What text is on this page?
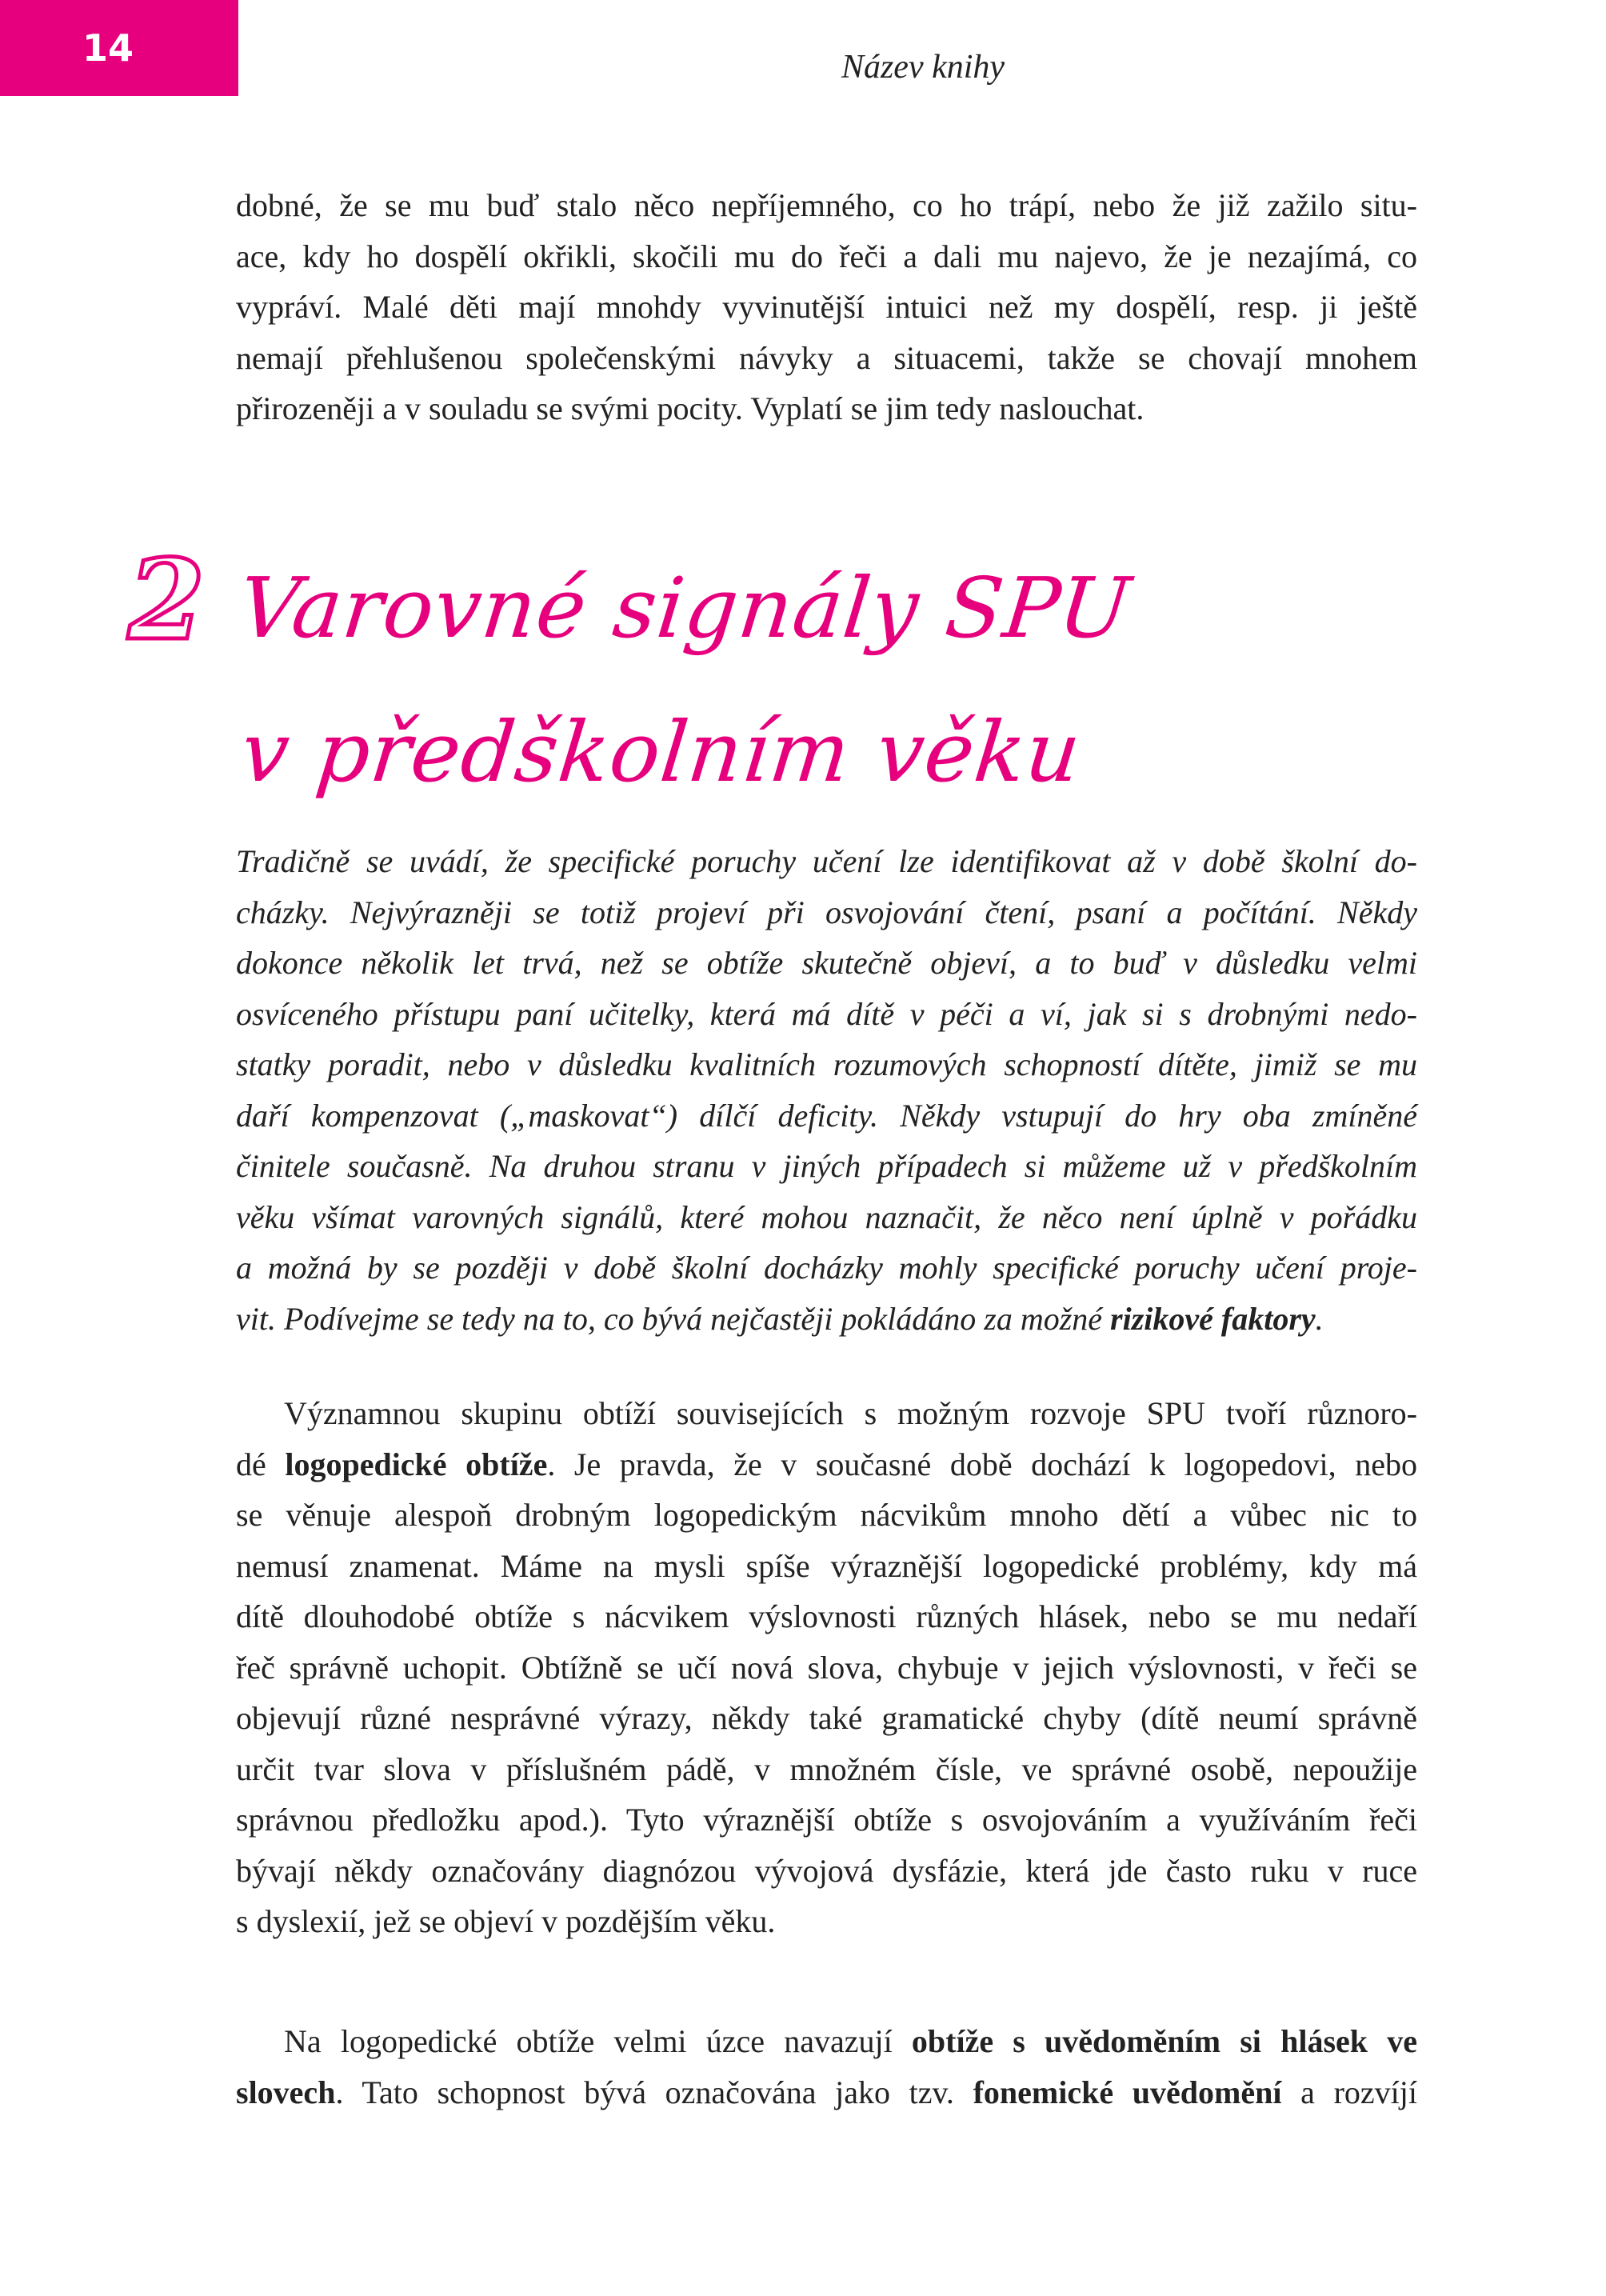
14	Název knihy

dobné, že se mu buď stalo něco nepříjemného, co ho trápí, nebo že již zažilo situ-
ace, kdy ho dospělí okřikli, skočili mu do řeči a dali mu najevo, že je nezajímá, co
vypráví. Malé děti mají mnohdy vyvinutější intuici než my dospělí, resp. ji ještě
nemají přehlušenou společenskými návyky a situacemi, takže se chovají mnohem
přirozeněji a v souladu se svými pocity. Vyplatí se jim tedy naslouchat.

2 Varovné signály SPU
v předškolním věku

Tradičně se uvádí, že specifické poruchy učení lze identifikovat až v době školní do-
cházky. Nejvýrazněji se totiž projeví při osvojování čtení, psaní a počítání. Někdy
dokonce několik let trvá, než se obtíže skutečně objeví, a to buď v důsledku velmi
osvíceného přístupu paní učitelky, která má dítě v péči a ví, jak si s drobnými nedo-
statky poradit, nebo v důsledku kvalitních rozumových schopností dítěte, jimiž se mu
daří kompenzovat („maskovat“) dílčí deficity. Někdy vstupují do hry oba zmíněné
činitele současně. Na druhou stranu v jiných případech si můžeme už v předškolním
věku všímat varovných signálů, které mohou naznačit, že něco není úplně v pořádku
a možná by se později v době školní docházky mohly specifické poruchy učení proje-
vit. Podívejme se tedy na to, co bývá nejčastěji pokládáno za možné rizikové faktory.

Významnou skupinu obtíží souvisejících s možným rozvoje SPU tvoří různoro-
dé logopedické obtíže. Je pravda, že v současné době dochází k logopedovi, nebo
se věnuje alespoň drobným logopedickým nácvikům mnoho dětí a vůbec nic to
nemusí znamenat. Máme na mysli spíše výraznější logopedické problémy, kdy má
dítě dlouhodobé obtíže s nácvikem výslovnosti různých hlásek, nebo se mu nedaří
řeč správně uchopit. Obtížně se učí nová slova, chybuje v jejich výslovnosti, v řeči se
objevují různé nesprávné výrazy, někdy také gramatické chyby (dítě neumí správně
určit tvar slova v příslušném pádě, v množném čísle, ve správné osobě, nepoužije
správnou předložku apod.). Tyto výraznější obtíže s osvojováním a využíváním řeči
bývají někdy označovány diagnózou vývojová dysfázie, která jde často ruku v ruce
s dyslexií, jež se objeví v pozdějším věku.

Na logopedické obtíže velmi úzce navazují obtíže s uvědoměním si hlásek ve
slovech. Tato schopnost bývá označována jako tzv. fonemické uvědomění a rozvíjí
